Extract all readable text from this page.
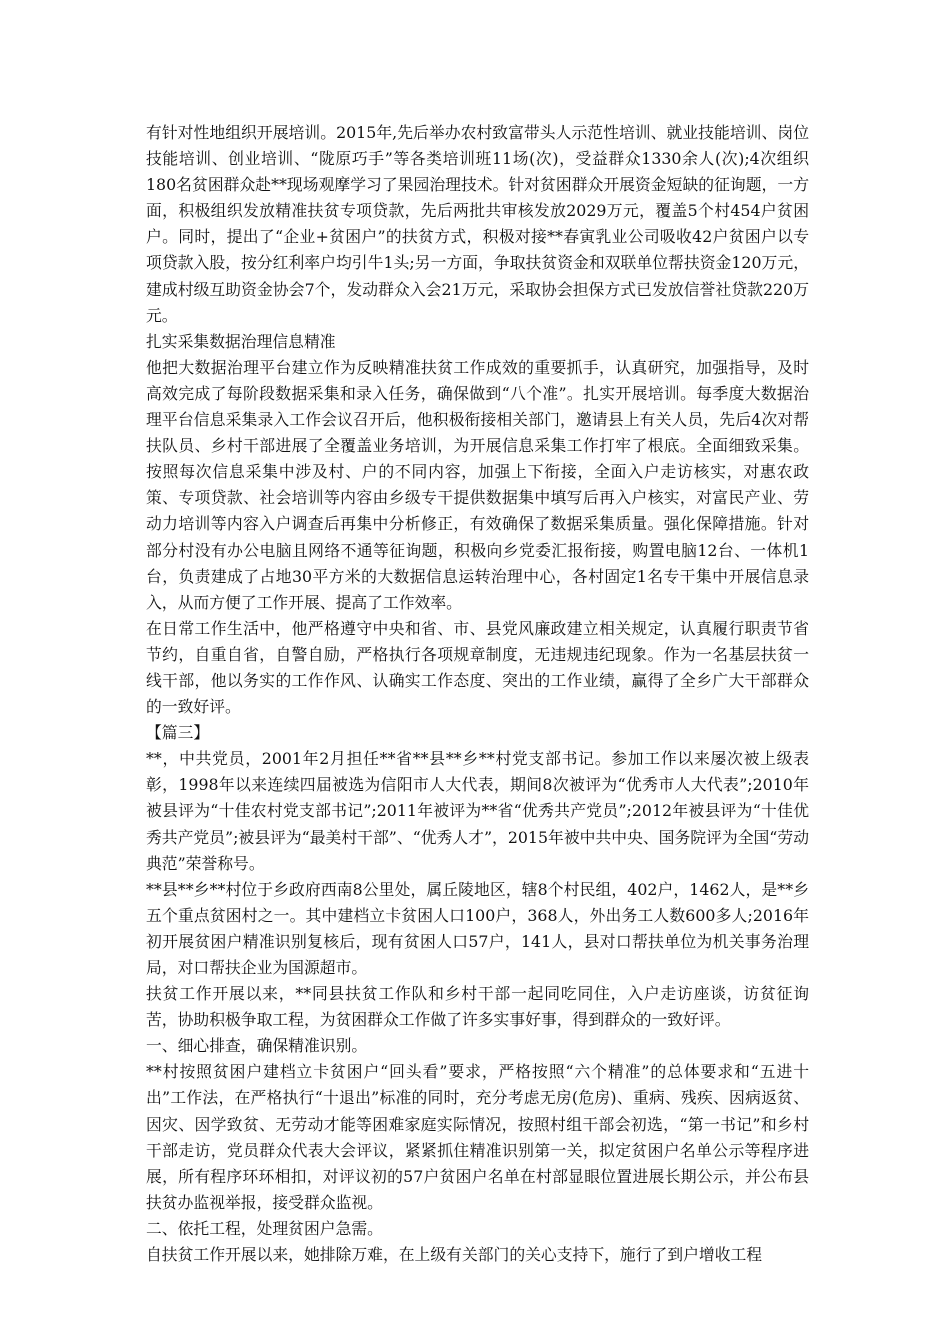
有针对性地组织开展培训。2015年,先后举办农村致富带头人示范性培训、就业技能培训、岗位技能培训、创业培训、“陇原巧手”等各类培训班11场(次)，受益群众1330余人(次);4次组织180名贫困群众赴**现场观摩学习了果园治理技术。针对贫困群众开展资金短缺的征询题，一方面，积极组织发放精准扶贫专项贷款，先后两批共审核发放2029万元，覆盖5个村454户贫困户。同时，提出了“企业+贫困户”的扶贫方式，积极对接**春寅乳业公司吸收42户贫困户以专项贷款入股，按分红利率户均引牛1头;另一方面，争取扶贫资金和双联单位帮扶资金120万元，建成村级互助资金协会7个，发动群众入会21万元，采取协会担保方式已发放信誉社贷款220万元。

扎实采集数据治理信息精准

他把大数据治理平台建立作为反映精准扶贫工作成效的重要抓手，认真研究，加强指导，及时高效完成了每阶段数据采集和录入任务，确保做到“八个准”。扎实开展培训。每季度大数据治理平台信息采集录入工作会议召开后，他积极衔接相关部门，邀请县上有关人员，先后4次对帮扶队员、乡村干部进展了全覆盖业务培训，为开展信息采集工作打牢了根底。全面细致采集。按照每次信息采集中涉及村、户的不同内容，加强上下衔接，全面入户走访核实，对惠农政策、专项贷款、社会培训等内容由乡级专干提供数据集中填写后再入户核实，对富民产业、劳动力培训等内容入户调查后再集中分析修正，有效确保了数据采集质量。强化保障措施。针对部分村没有办公电脑且网络不通等征询题，积极向乡党委汇报衔接，购置电脑12台、一体机1台，负责建成了占地30平方米的大数据信息运转治理中心，各村固定1名专干集中开展信息录入，从而方便了工作开展、提高了工作效率。

在日常工作生活中，他严格遵守中央和省、市、县党风廉政建立相关规定，认真履行职责节省节约，自重自省，自警自励，严格执行各项规章制度，无违规违纪现象。作为一名基层扶贫一线干部，他以务实的工作作风、认确实工作态度、突出的工作业绩，赢得了全乡广大干部群众的一致好评。

【篇三】

**，中共党员，2001年2月担任**省**县**乡**村党支部书记。参加工作以来屡次被上级表彰，1998年以来连续四届被选为信阳市人大代表，期间8次被评为“优秀市人大代表”;2010年被县评为“十佳农村党支部书记”;2011年被评为**省“优秀共产党员”;2012年被县评为“十佳优秀共产党员”;被县评为“最美村干部”、“优秀人才”，2015年被中共中央、国务院评为全国“劳动典范”荣誉称号。

**县**乡**村位于乡政府西南8公里处，属丘陵地区，辖8个村民组，402户，1462人，是**乡五个重点贫困村之一。其中建档立卡贫困人口100户，368人，外出务工人数600多人;2016年初开展贫困户精准识别复核后，现有贫困人口57户，141人，县对口帮扶单位为机关事务治理局，对口帮扶企业为国源超市。

扶贫工作开展以来，**同县扶贫工作队和乡村干部一起同吃同住，入户走访座谈，访贫征询苦，协助积极争取工程，为贫困群众工作做了许多实事好事，得到群众的一致好评。

一、细心排查，确保精准识别。

**村按照贫困户建档立卡贫困户“回头看”要求，严格按照“六个精准”的总体要求和“五进十出”工作法，在严格执行“十退出”标准的同时，充分考虑无房(危房)、重病、残疾、因病返贫、因灾、因学致贫、无劳动才能等困难家庭实际情况，按照村组干部会初选，“第一书记”和乡村干部走访，党员群众代表大会评议，紧紧抓住精准识别第一关，拟定贫困户名单公示等程序进展，所有程序环环相扣，对评议初的57户贫困户名单在村部显眼位置进展长期公示，并公布县扶贫办监视举报，接受群众监视。

二、依托工程，处理贫困户急需。

自扶贫工作开展以来，她排除万难，在上级有关部门的关心支持下，施行了到户增收工程
